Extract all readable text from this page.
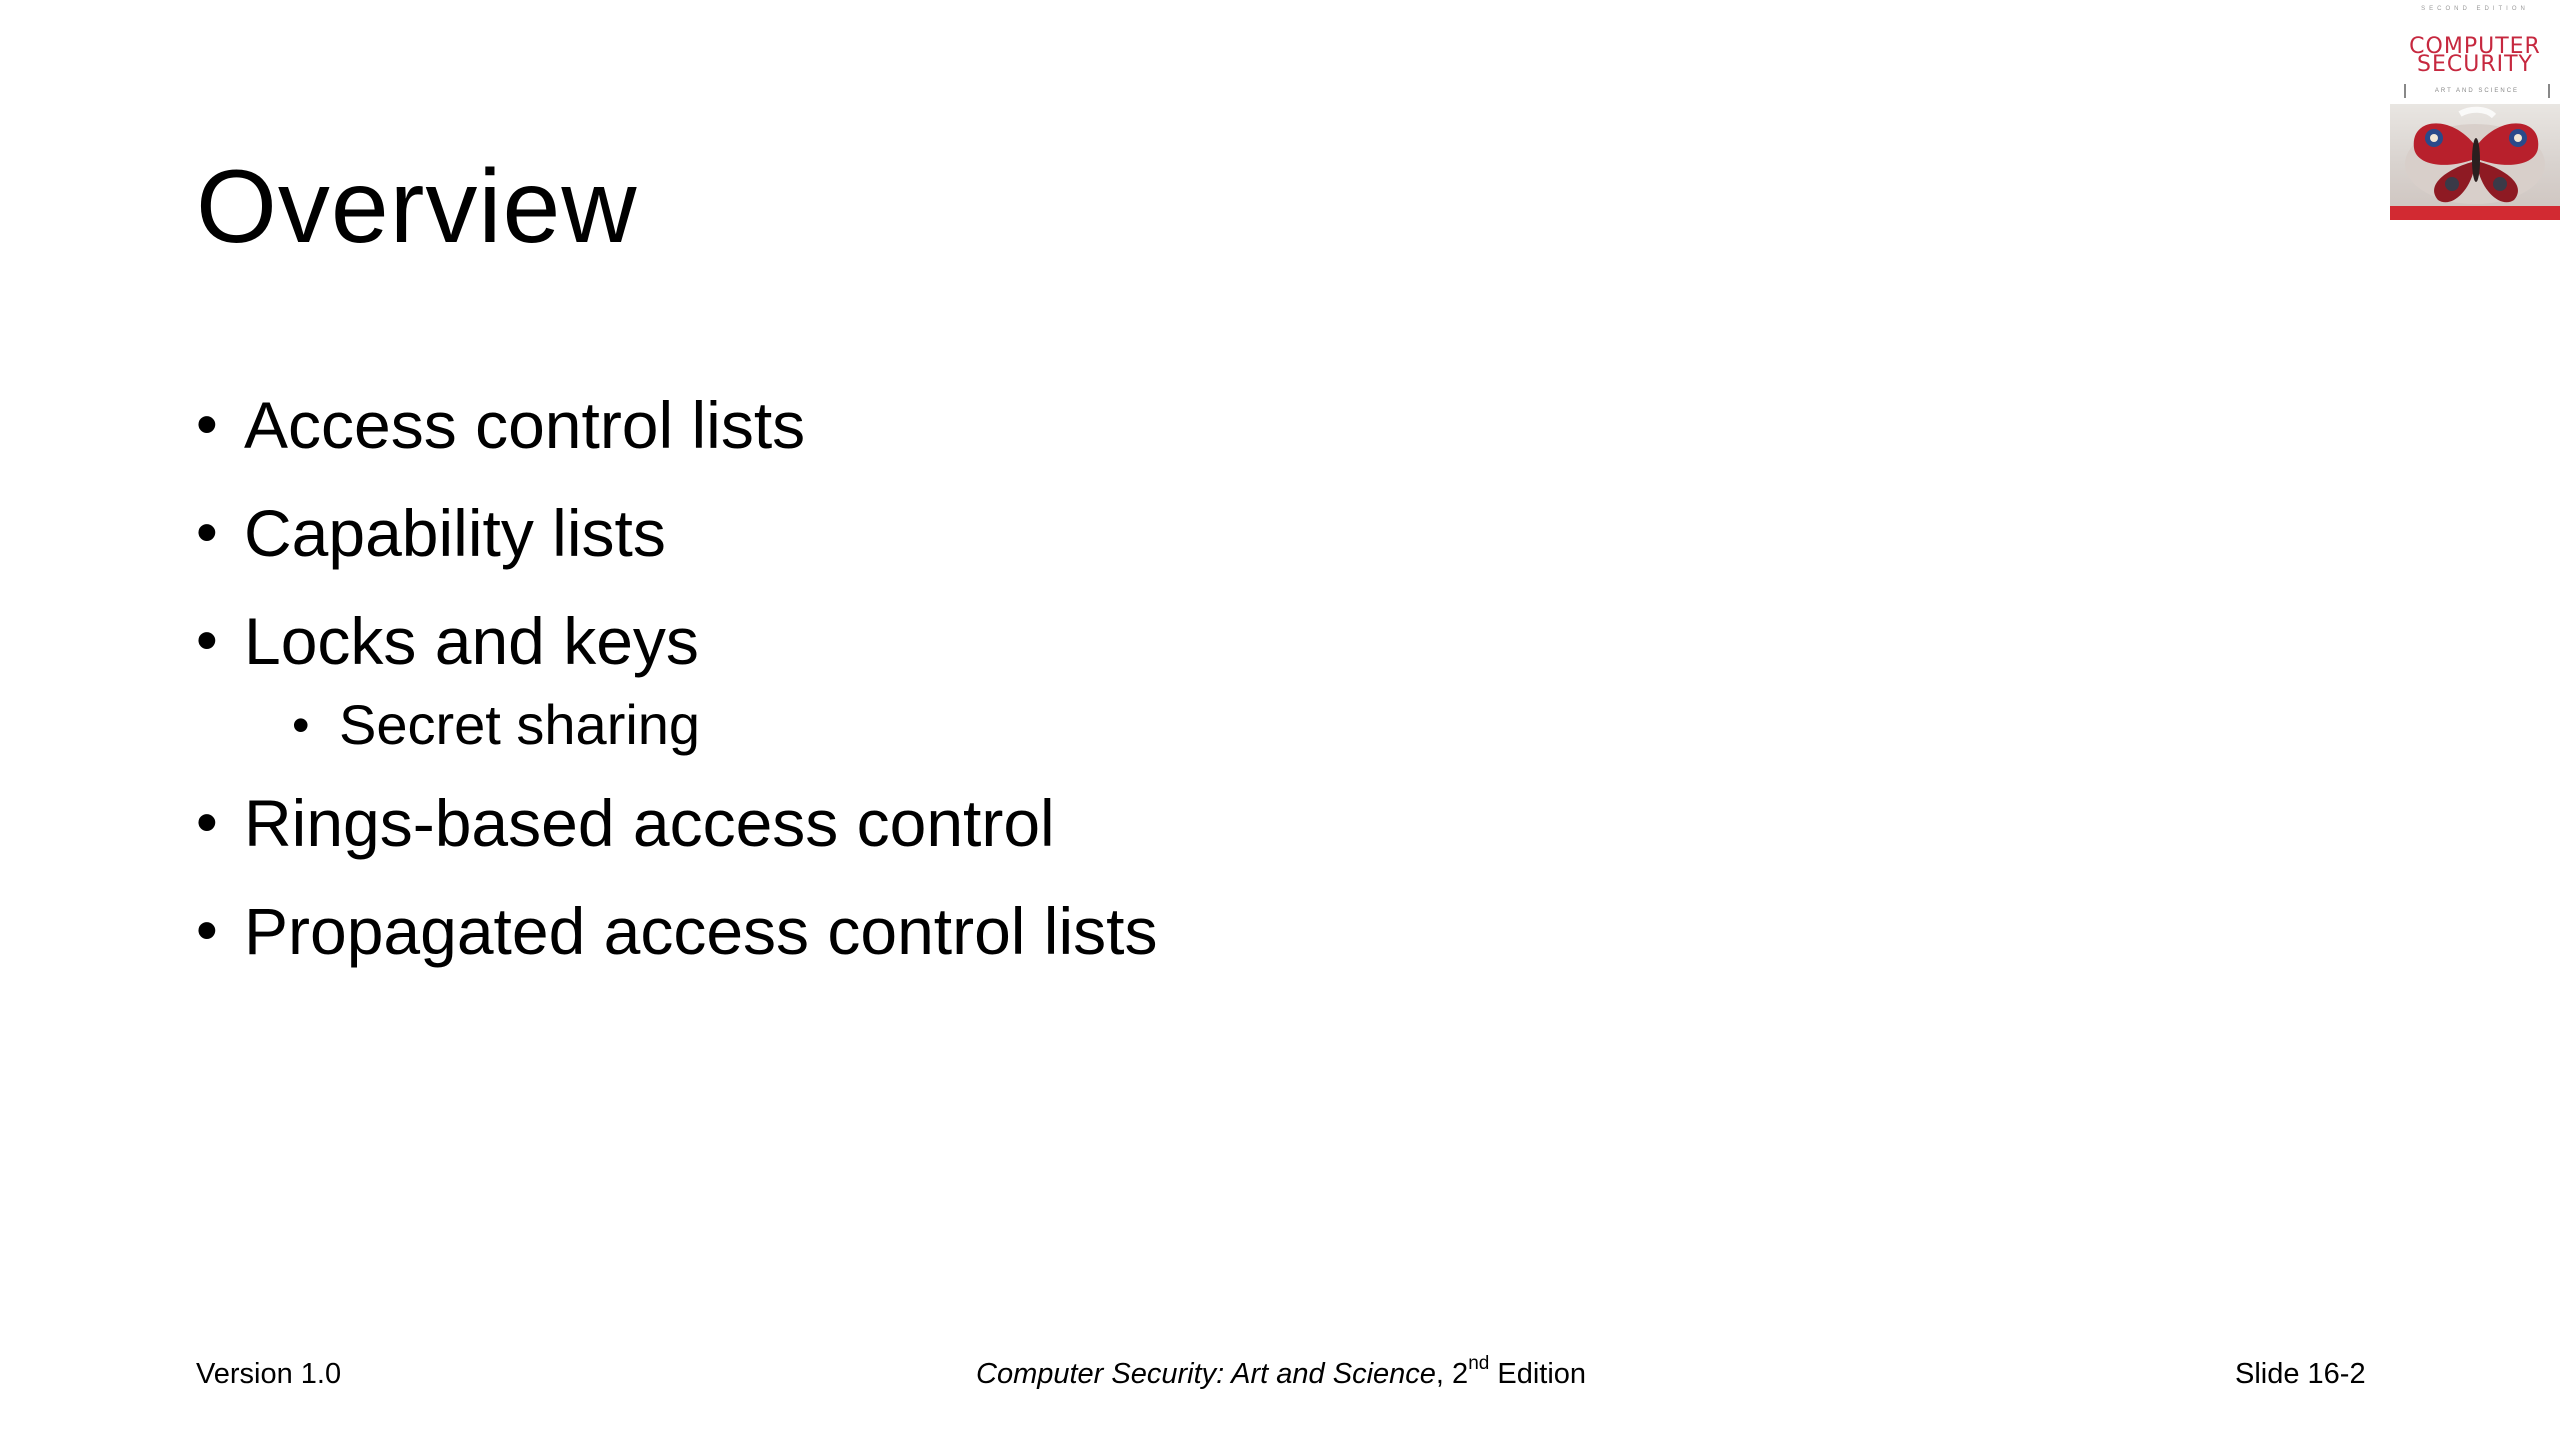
Overview
• Access control lists
• Capability lists
• Locks and keys
• Secret sharing
• Rings-based access control
• Propagated access control lists
SECOND EDITION
COMPUTER
SECURITY
ART AND SCIENCE
Version 1.0	Computer Security: Art and Science, 2nd Edition	Slide 16-2
